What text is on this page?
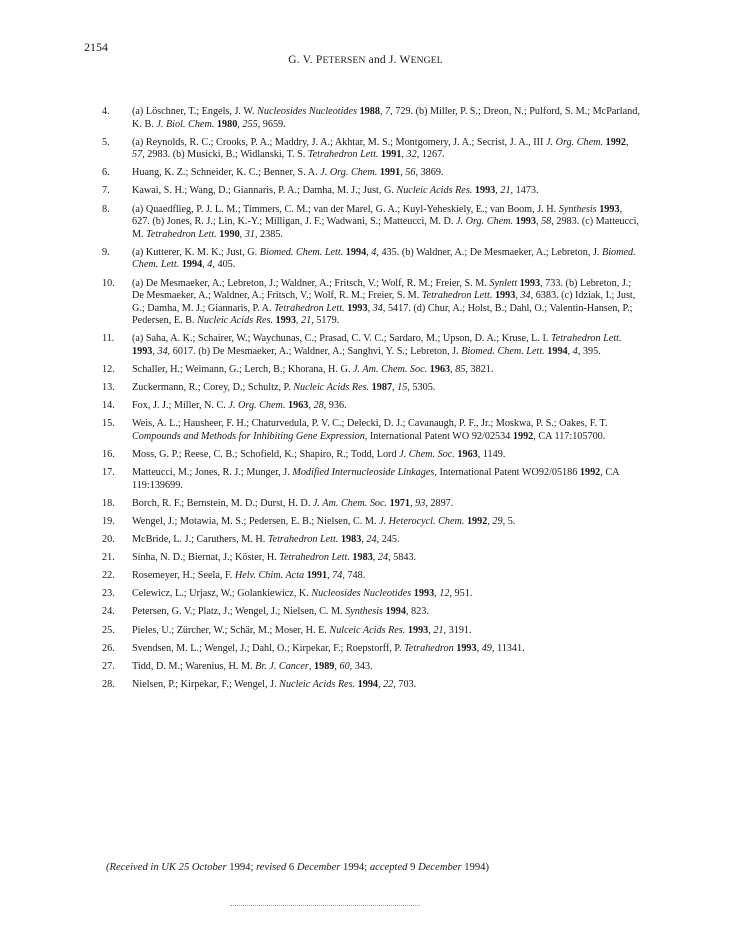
2154
G. V. PETERSEN and J. WENGEL
4.	(a) Löschner, T.; Engels, J. W. Nucleosides Nucleotides 1988, 7, 729. (b) Miller, P. S.; Dreon, N.; Pulford, S. M.; McParland, K. B. J. Biol. Chem. 1980, 255, 9659.
5.	(a) Reynolds, R. C.; Crooks, P. A.; Maddry, J. A.; Akhtar, M. S.; Montgomery, J. A.; Secrist, J. A., III J. Org. Chem. 1992, 57, 2983. (b) Musicki, B.; Widlanski, T. S. Tetrahedron Lett. 1991, 32, 1267.
6.	Huang, K. Z.; Schneider, K. C.; Benner, S. A. J. Org. Chem. 1991, 56, 3869.
7.	Kawai, S. H.; Wang, D.; Giannaris, P. A.; Damha, M. J.; Just, G. Nucleic Acids Res. 1993, 21, 1473.
8.	(a) Quaedflieg, P. J. L. M.; Timmers, C. M.; van der Marel, G. A.; Kuyl-Yeheskiely, E.; van Boom, J. H. Synthesis 1993, 627. (b) Jones, R. J.; Lin, K.-Y.; Milligan, J. F.; Wadwani, S.; Matteucci, M. D. J. Org. Chem. 1993, 58, 2983. (c) Matteucci, M. Tetrahedron Lett. 1990, 31, 2385.
9.	(a) Kutterer, K. M. K.; Just, G. Biomed. Chem. Lett. 1994, 4, 435. (b) Waldner, A.; De Mesmaeker, A.; Lebreton, J. Biomed. Chem. Lett. 1994, 4, 405.
10.	(a) De Mesmaeker, A.; Lebreton, J.; Waldner, A.; Fritsch, V.; Wolf, R. M.; Freier, S. M. Synlett 1993, 733. (b) Lebreton, J.; De Mesmaeker, A.; Waldner, A.; Fritsch, V.; Wolf, R. M.; Freier, S. M. Tetrahedron Lett. 1993, 34, 6383. (c) Idziak, I.; Just, G.; Damha, M. J.; Giannaris, P. A. Tetrahedron Lett. 1993, 34, 5417. (d) Chur, A.; Holst, B.; Dahl, O.; Valentin-Hansen, P.; Pedersen, E. B. Nucleic Acids Res. 1993, 21, 5179.
11.	(a) Saha, A. K.; Schairer, W.; Waychunas, C.; Prasad, C. V. C.; Sardaro, M.; Upson, D. A.; Kruse, L. I. Tetrahedron Lett. 1993, 34, 6017. (b) De Mesmaeker, A.; Waldner, A.; Sanghvi, Y. S.; Lebreton, J. Biomed. Chem. Lett. 1994, 4, 395.
12.	Schaller, H.; Weimann, G.; Lerch, B.; Khorana, H. G. J. Am. Chem. Soc. 1963, 85, 3821.
13.	Zuckermann, R.; Corey, D.; Schultz, P. Nucleic Acids Res. 1987, 15, 5305.
14.	Fox, J. J.; Miller, N. C. J. Org. Chem. 1963, 28, 936.
15.	Weis, A. L.; Hausheer, F. H.; Chaturvedula, P. V. C.; Delecki, D. J.; Cavanaugh, P. F., Jr.; Moskwa, P. S.; Oakes, F. T. Compounds and Methods for Inhibiting Gene Expression, International Patent WO 92/02534 1992, CA 117:105700.
16.	Moss, G. P.; Reese, C. B.; Schofield, K.; Shapiro, R.; Todd, Lord J. Chem. Soc. 1963, 1149.
17.	Matteucci, M.; Jones, R. J.; Munger, J. Modified Internucleoside Linkages, International Patent WO92/05186 1992, CA 119:139699.
18.	Borch, R. F.; Bernstein, M. D.; Durst, H. D. J. Am. Chem. Soc. 1971, 93, 2897.
19.	Wengel, J.; Motawia, M. S.; Pedersen, E. B.; Nielsen, C. M. J. Heterocycl. Chem. 1992, 29, 5.
20.	McBride, L. J.; Caruthers, M. H. Tetrahedron Lett. 1983, 24, 245.
21.	Sinha, N. D.; Biernat, J.; Köster, H. Tetrahedron Lett. 1983, 24, 5843.
22.	Rosemeyer, H.; Seela, F. Helv. Chim. Acta 1991, 74, 748.
23.	Celewicz, L.; Urjasz, W.; Golankiewicz, K. Nucleosides Nucleotides 1993, 12, 951.
24.	Petersen, G. V.; Platz, J.; Wengel, J.; Nielsen, C. M. Synthesis 1994, 823.
25.	Pieles, U.; Zürcher, W.; Schär, M.; Moser, H. E. Nulceic Acids Res. 1993, 21, 3191.
26.	Svendsen, M. L.; Wengel, J.; Dahl, O.; Kirpekar, F.; Roepstorff, P. Tetrahedron 1993, 49, 11341.
27.	Tidd, D. M.; Warenius, H. M. Br. J. Cancer, 1989, 60, 343.
28.	Nielsen, P.; Kirpekar, F.; Wengel, J. Nucleic Acids Res. 1994, 22, 703.
(Received in UK 25 October 1994; revised 6 December 1994; accepted 9 December 1994)
